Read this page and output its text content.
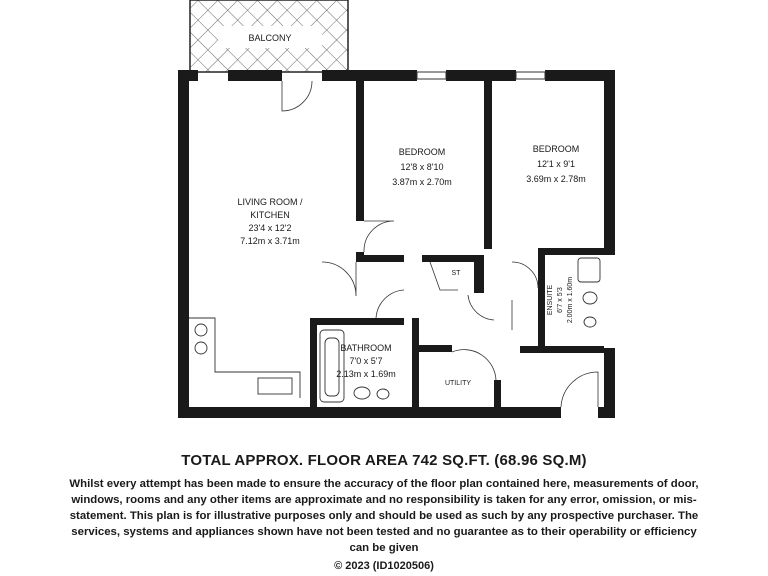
BALCONY
LIVING ROOM /
KITCHEN
23'4 x 12'2
7.12m x 3.71m
BEDROOM
12'8 x 8'10
3.87m x 2.70m
BEDROOM
12'1 x 9'1
3.69m x 2.78m
ENSUITE 6'7 x 5'3 2.00m x 1.60m
BATHROOM
7'0 x 5'7
2.13m x 1.69m
ST
UTILITY
TOTAL APPROX. FLOOR AREA 742 SQ.FT. (68.96 SQ.M)
Whilst every attempt has been made to ensure the accuracy of the floor plan contained here, measurements of door, windows, rooms and any other items are approximate and no responsibility is taken for any error, omission, or mis-statement. This plan is for illustrative purposes only and should be used as such by any prospective purchaser. The services, systems and appliances shown have not been tested and no guarantee as to their operability or efficiency can be given
© 2023 (ID1020506)
